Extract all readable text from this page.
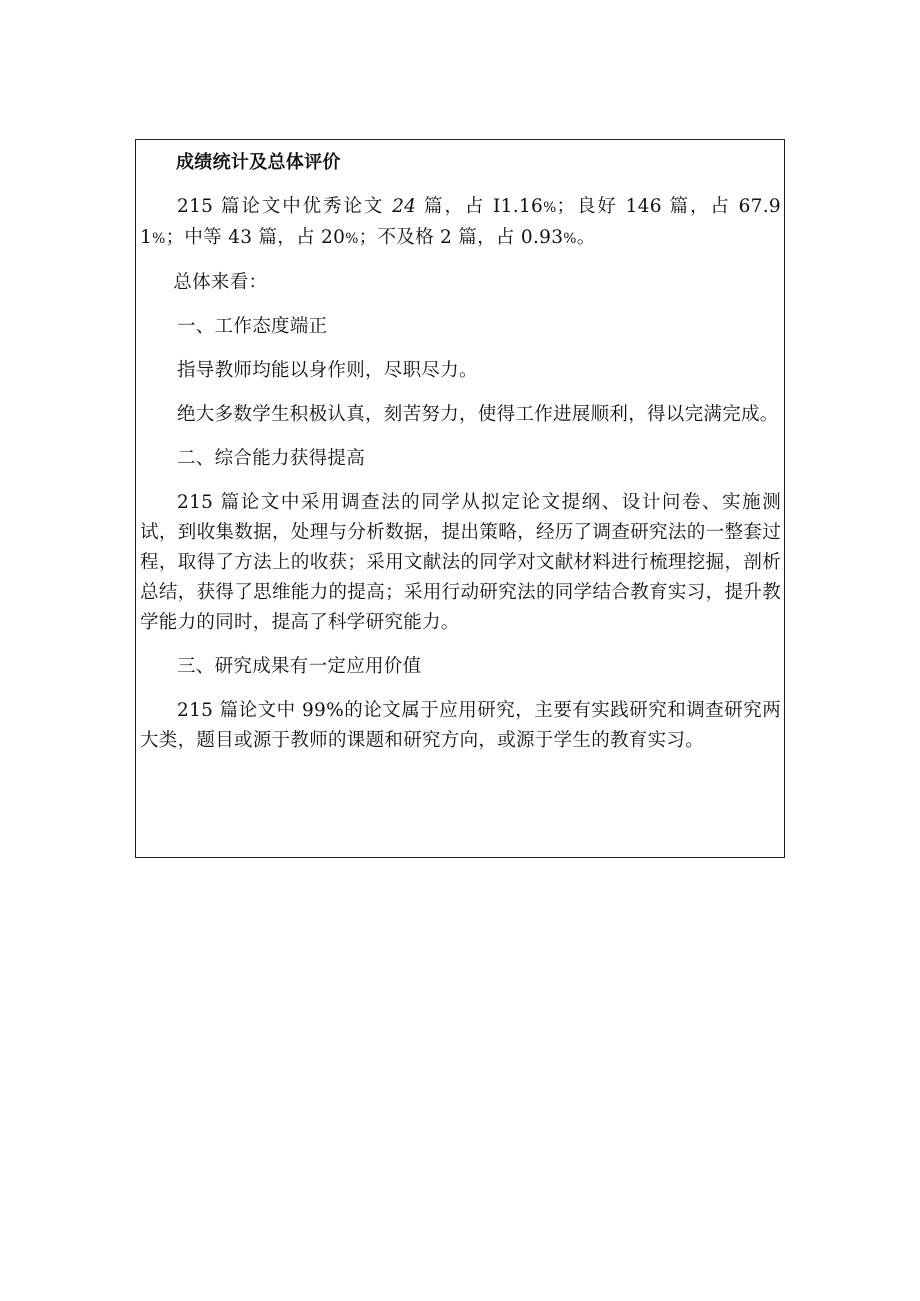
成绩统计及总体评价

215 篇论文中优秀论文 24 篇，占 I1.16%；良好 146 篇，占 67.91%；中等 43 篇，占 20%；不及格 2 篇，占 0.93%。

总体来看：

一、工作态度端正

指导教师均能以身作则，尽职尽力。

绝大多数学生积极认真，刻苦努力，使得工作进展顺利，得以完满完成。

二、综合能力获得提高

215 篇论文中采用调查法的同学从拟定论文提纲、设计问卷、实施测试，到收集数据，处理与分析数据，提出策略，经历了调查研究法的一整套过程，取得了方法上的收获；采用文献法的同学对文献材料进行梳理挖掘，剖析总结，获得了思维能力的提高；采用行动研究法的同学结合教育实习，提升教学能力的同时，提高了科学研究能力。

三、研究成果有一定应用价值

215 篇论文中 99%的论文属于应用研究，主要有实践研究和调查研究两大类，题目或源于教师的课题和研究方向，或源于学生的教育实习。
